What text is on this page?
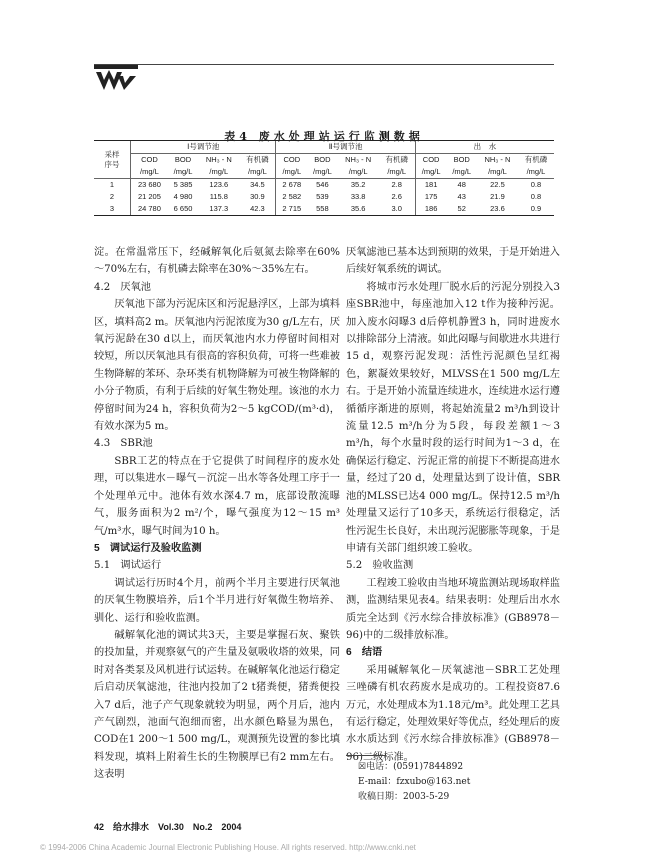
表4 废水处理站运行监测数据
采样序号	Ⅰ号调节池				Ⅱ号调节池				出　水			
	COD	BOD	NH₃ - N	有机磷	COD	BOD	NH₃ - N	有机磷	COD	BOD	NH₃ - N	有机磷
	/mg/L	/mg/L	/mg/L	/mg/L	/mg/L	/mg/L	/mg/L	/mg/L	/mg/L	/mg/L	/mg/L	/mg/L
1	23 680	5 385	123.6	34.5	2 678	546	35.2	2.8	181	48	22.5	0.8
2	21 205	4 980	115.8	30.9	2 582	539	33.8	2.6	175	43	21.9	0.8
3	24 780	6 650	137.3	42.3	2 715	558	35.6	3.0	186	52	23.6	0.9

淀。在常温常压下，经碱解氧化后氨氮去除率在60%～70%左右，有机磷去除率在30%～35%左右。

4.2　厌氧池

厌氧池下部为污泥床区和污泥悬浮区，上部为填料区，填料高2 m。厌氧池内污泥浓度为30 g/L左右，厌氧污泥龄在30 d以上，而厌氧池内水力停留时间相对较短，所以厌氧池具有很高的容积负荷，可将一些难被生物降解的苯环、杂环类有机物降解为可被生物降解的小分子物质，有利于后续的好氧生物处理。该池的水力停留时间为24 h，容积负荷为2～5 kgCOD/(m³·d)，有效水深为5 m。

4.3　SBR池

SBR工艺的特点在于它提供了时间程序的废水处理，可以集进水－曝气－沉淀－出水等各处理工序于一个处理单元中。池体有效水深4.7 m，底部设散流曝气，服务面积为2 m²/个，曝气强度为12～15 m³气/m³水，曝气时间为10 h。

5　调试运行及验收监测
5.1　调试运行

调试运行历时4个月，前两个半月主要进行厌氧池的厌氧生物膜培养，后1个半月进行好氧微生物培养、驯化、运行和验收监测。

碱解氧化池的调试共3天，主要是掌握石灰、聚铁的投加量，并观察氨气的产生量及氨吸收塔的效果，同时对各类泵及风机进行试运转。在碱解氧化池运行稳定后启动厌氧滤池，往池内投加了2 t猪粪便，猪粪便投入7 d后，池子产气现象就较为明显，两个月后，池内产气剧烈，池面气泡细而密，出水颜色略显为黑色，COD在1 200～1 500 mg/L，观测预先设置的参比填料发现，填料上附着生长的生物膜厚已有2 mm左右。这表明

厌氧滤池已基本达到预期的效果，于是开始进入后续好氧系统的调试。

将城市污水处理厂脱水后的污泥分别投入3座SBR池中，每座池加入12 t作为接种污泥。加入废水闷曝3 d后停机静置3 h，同时进废水以排除部分上清液。如此闷曝与间歇进水共进行15 d，观察污泥发现：活性污泥颜色呈红褐色，絮凝效果较好，MLVSS在1 500 mg/L左右。于是开始小流量连续进水，连续进水运行遵循循序渐进的原则，将起始流量2 m³/h到设计流量12.5 m³/h分为5段，每段差额1～3 m³/h，每个水量时段的运行时间为1～3 d，在确保运行稳定、污泥正常的前提下不断提高进水量，经过了20 d，处理量达到了设计值，SBR池的MLSS已达4 000 mg/L。保持12.5 m³/h处理量又运行了10多天，系统运行很稳定，活性污泥生长良好，未出现污泥膨胀等现象，于是申请有关部门组织竣工验收。

5.2　验收监测

工程竣工验收由当地环境监测站现场取样监测，监测结果见表4。结果表明：处理后出水水质完全达到《污水综合排放标准》(GB8978－96)中的二级排放标准。

6　结语

采用碱解氧化－厌氧滤池－SBR工艺处理三唑磷有机农药废水是成功的。工程投资87.6万元，水处理成本为1.18元/m³。此处理工艺具有运行稳定，处理效果好等优点，经处理后的废水水质达到《污水综合排放标准》(GB8978－96)二级标准。

☒电话：(0591)7844892
E-mail：fzxubo@163.net
收稿日期：2003-5-29
42　给水排水　Vol.30　No.2　2004
© 1994-2006 China Academic Journal Electronic Publishing House. All rights reserved. http://www.cnki.net
